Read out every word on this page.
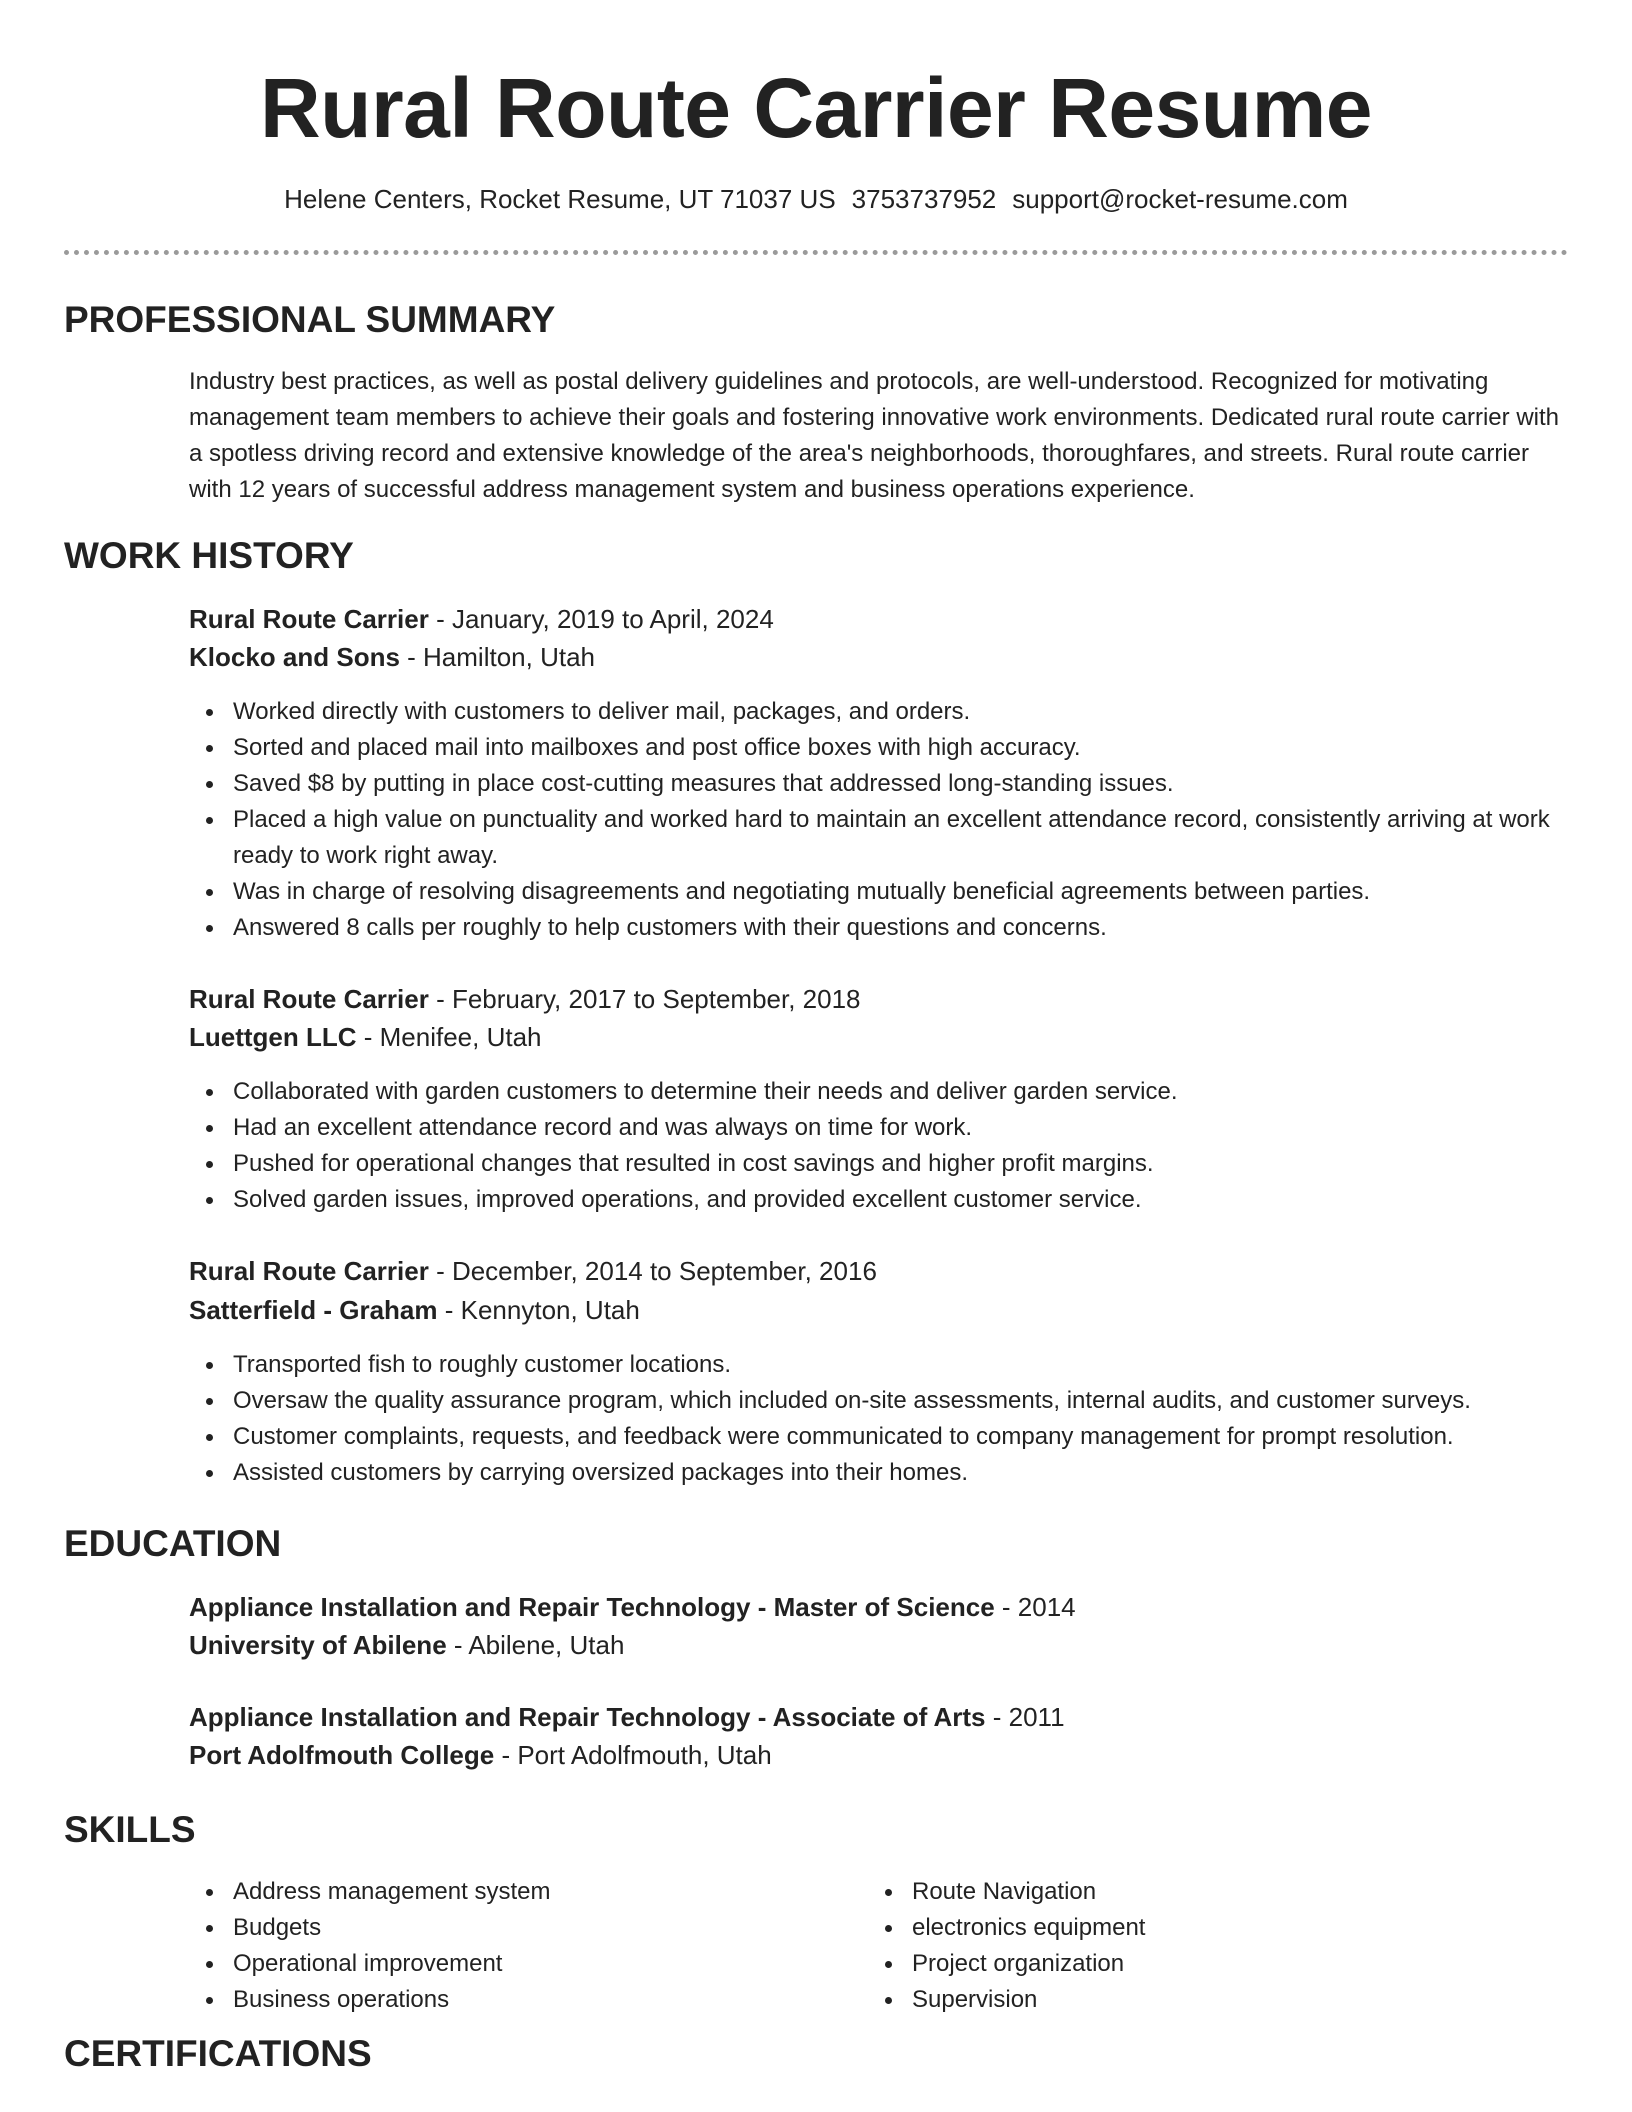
Rural Route Carrier Resume
Helene Centers, Rocket Resume, UT 71037 US 3753737952 support@rocket-resume.com
PROFESSIONAL SUMMARY
Industry best practices, as well as postal delivery guidelines and protocols, are well-understood. Recognized for motivating management team members to achieve their goals and fostering innovative work environments. Dedicated rural route carrier with a spotless driving record and extensive knowledge of the area's neighborhoods, thoroughfares, and streets. Rural route carrier with 12 years of successful address management system and business operations experience.
WORK HISTORY
Rural Route Carrier - January, 2019 to April, 2024
Klocko and Sons - Hamilton, Utah
Worked directly with customers to deliver mail, packages, and orders.
Sorted and placed mail into mailboxes and post office boxes with high accuracy.
Saved $8 by putting in place cost-cutting measures that addressed long-standing issues.
Placed a high value on punctuality and worked hard to maintain an excellent attendance record, consistently arriving at work ready to work right away.
Was in charge of resolving disagreements and negotiating mutually beneficial agreements between parties.
Answered 8 calls per roughly to help customers with their questions and concerns.
Rural Route Carrier - February, 2017 to September, 2018
Luettgen LLC - Menifee, Utah
Collaborated with garden customers to determine their needs and deliver garden service.
Had an excellent attendance record and was always on time for work.
Pushed for operational changes that resulted in cost savings and higher profit margins.
Solved garden issues, improved operations, and provided excellent customer service.
Rural Route Carrier - December, 2014 to September, 2016
Satterfield - Graham - Kennyton, Utah
Transported fish to roughly customer locations.
Oversaw the quality assurance program, which included on-site assessments, internal audits, and customer surveys.
Customer complaints, requests, and feedback were communicated to company management for prompt resolution.
Assisted customers by carrying oversized packages into their homes.
EDUCATION
Appliance Installation and Repair Technology - Master of Science - 2014
University of Abilene - Abilene, Utah
Appliance Installation and Repair Technology - Associate of Arts - 2011
Port Adolfmouth College - Port Adolfmouth, Utah
SKILLS
Address management system
Budgets
Operational improvement
Business operations
Route Navigation
electronics equipment
Project organization
Supervision
CERTIFICATIONS
